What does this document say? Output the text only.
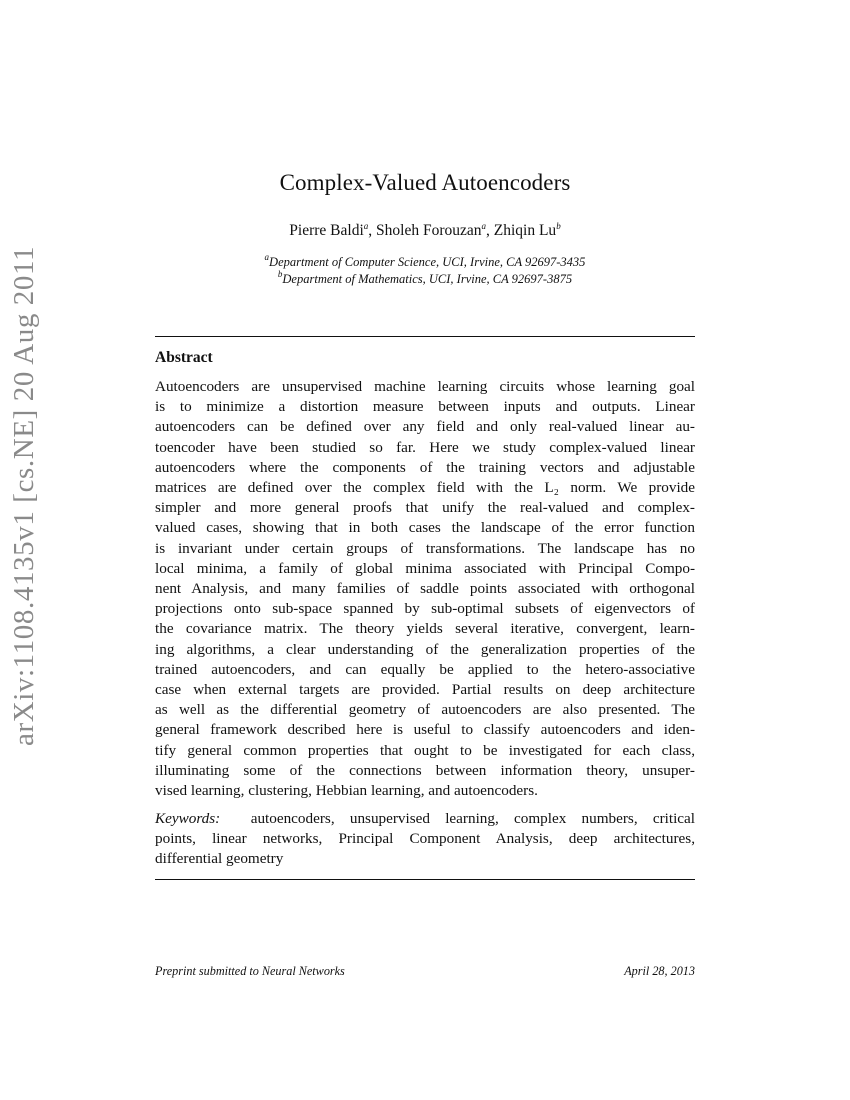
arXiv:1108.4135v1 [cs.NE] 20 Aug 2011
Complex-Valued Autoencoders
Pierre Baldi$^a$, Sholeh Forouzan$^a$, Zhiqin Lu$^b$
$^a$Department of Computer Science, UCI, Irvine, CA 92697-3435
$^b$Department of Mathematics, UCI, Irvine, CA 92697-3875
Abstract
Autoencoders are unsupervised machine learning circuits whose learning goal
is to minimize a distortion measure between inputs and outputs. Linear
autoencoders can be defined over any field and only real-valued linear au-
toencoder have been studied so far. Here we study complex-valued linear
autoencoders where the components of the training vectors and adjustable
matrices are defined over the complex field with the L₂ norm. We provide
simpler and more general proofs that unify the real-valued and complex-
valued cases, showing that in both cases the landscape of the error function
is invariant under certain groups of transformations. The landscape has no
local minima, a family of global minima associated with Principal Compo-
nent Analysis, and many families of saddle points associated with orthogonal
projections onto sub-space spanned by sub-optimal subsets of eigenvectors of
the covariance matrix. The theory yields several iterative, convergent, learn-
ing algorithms, a clear understanding of the generalization properties of the
trained autoencoders, and can equally be applied to the hetero-associative
case when external targets are provided. Partial results on deep architecture
as well as the differential geometry of autoencoders are also presented. The
general framework described here is useful to classify autoencoders and iden-
tify general common properties that ought to be investigated for each class,
illuminating some of the connections between information theory, unsuper-
vised learning, clustering, Hebbian learning, and autoencoders.
Keywords: autoencoders, unsupervised learning, complex numbers, critical
points, linear networks, Principal Component Analysis, deep architectures,
differential geometry
Preprint submitted to Neural Networks	April 28, 2013
